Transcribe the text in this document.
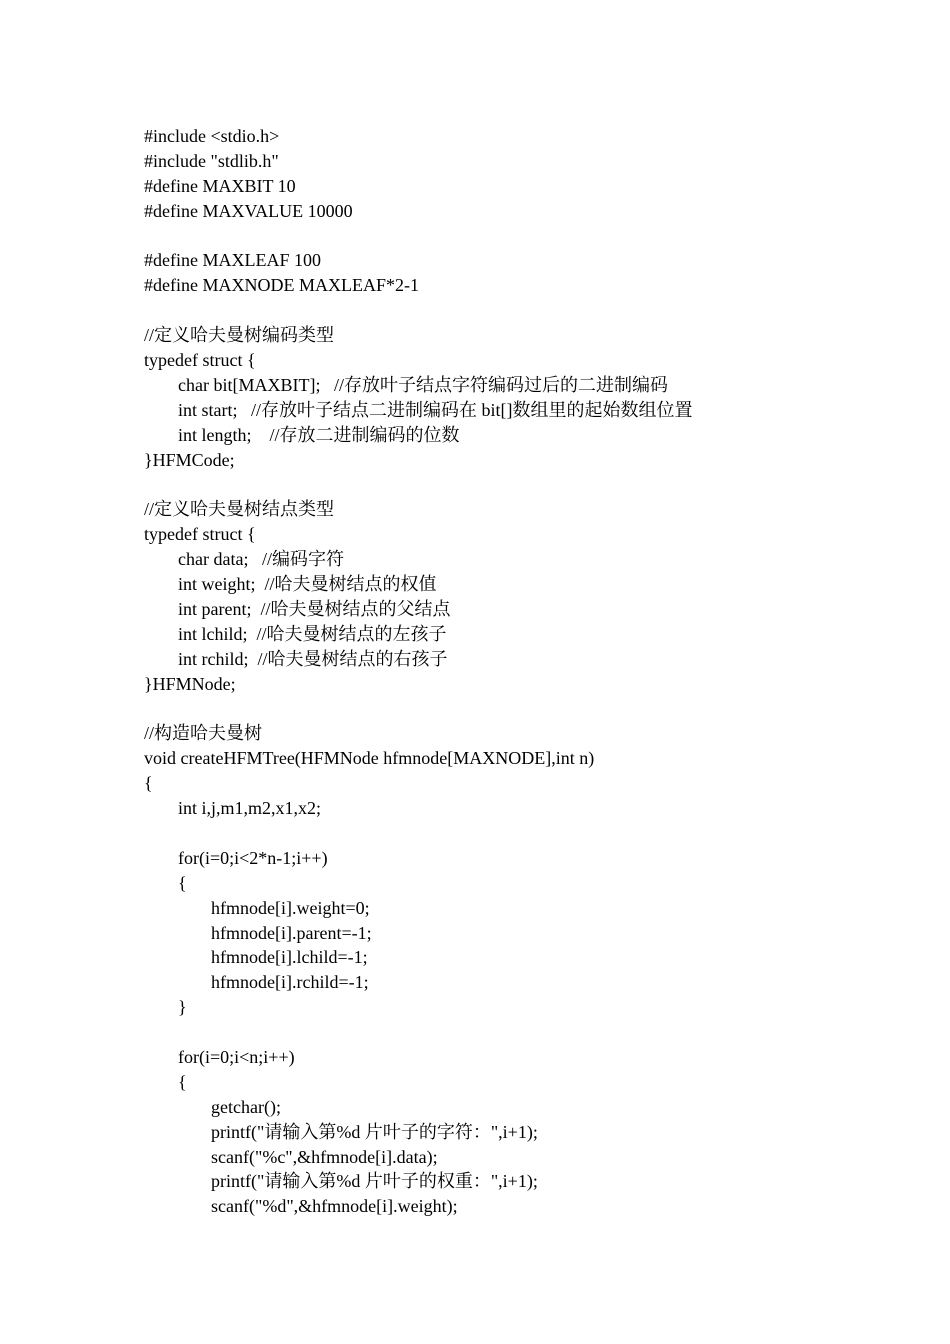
#include <stdio.h>
#include "stdlib.h"
#define MAXBIT 10
#define MAXVALUE 10000
#define MAXLEAF 100
#define MAXNODE MAXLEAF*2-1
//定义哈夫曼树编码类型
typedef struct {
char bit[MAXBIT];   //存放叶子结点字符编码过后的二进制编码
int start;   //存放叶子结点二进制编码在 bit[]数组里的起始数组位置
int length;    //存放二进制编码的位数
}HFMCode;
//定义哈夫曼树结点类型
typedef struct {
char data;   //编码字符
int weight;  //哈夫曼树结点的权值
int parent;  //哈夫曼树结点的父结点
int lchild;  //哈夫曼树结点的左孩子
int rchild;  //哈夫曼树结点的右孩子
}HFMNode;
//构造哈夫曼树
void createHFMTree(HFMNode hfmnode[MAXNODE],int n)
{
int i,j,m1,m2,x1,x2;
for(i=0;i<2*n-1;i++)
{
hfmnode[i].weight=0;
hfmnode[i].parent=-1;
hfmnode[i].lchild=-1;
hfmnode[i].rchild=-1;
}
for(i=0;i<n;i++)
{
getchar();
printf("请输入第%d 片叶子的字符：",i+1);
scanf("%c",&hfmnode[i].data);
printf("请输入第%d 片叶子的权重：",i+1);
scanf("%d",&hfmnode[i].weight);
